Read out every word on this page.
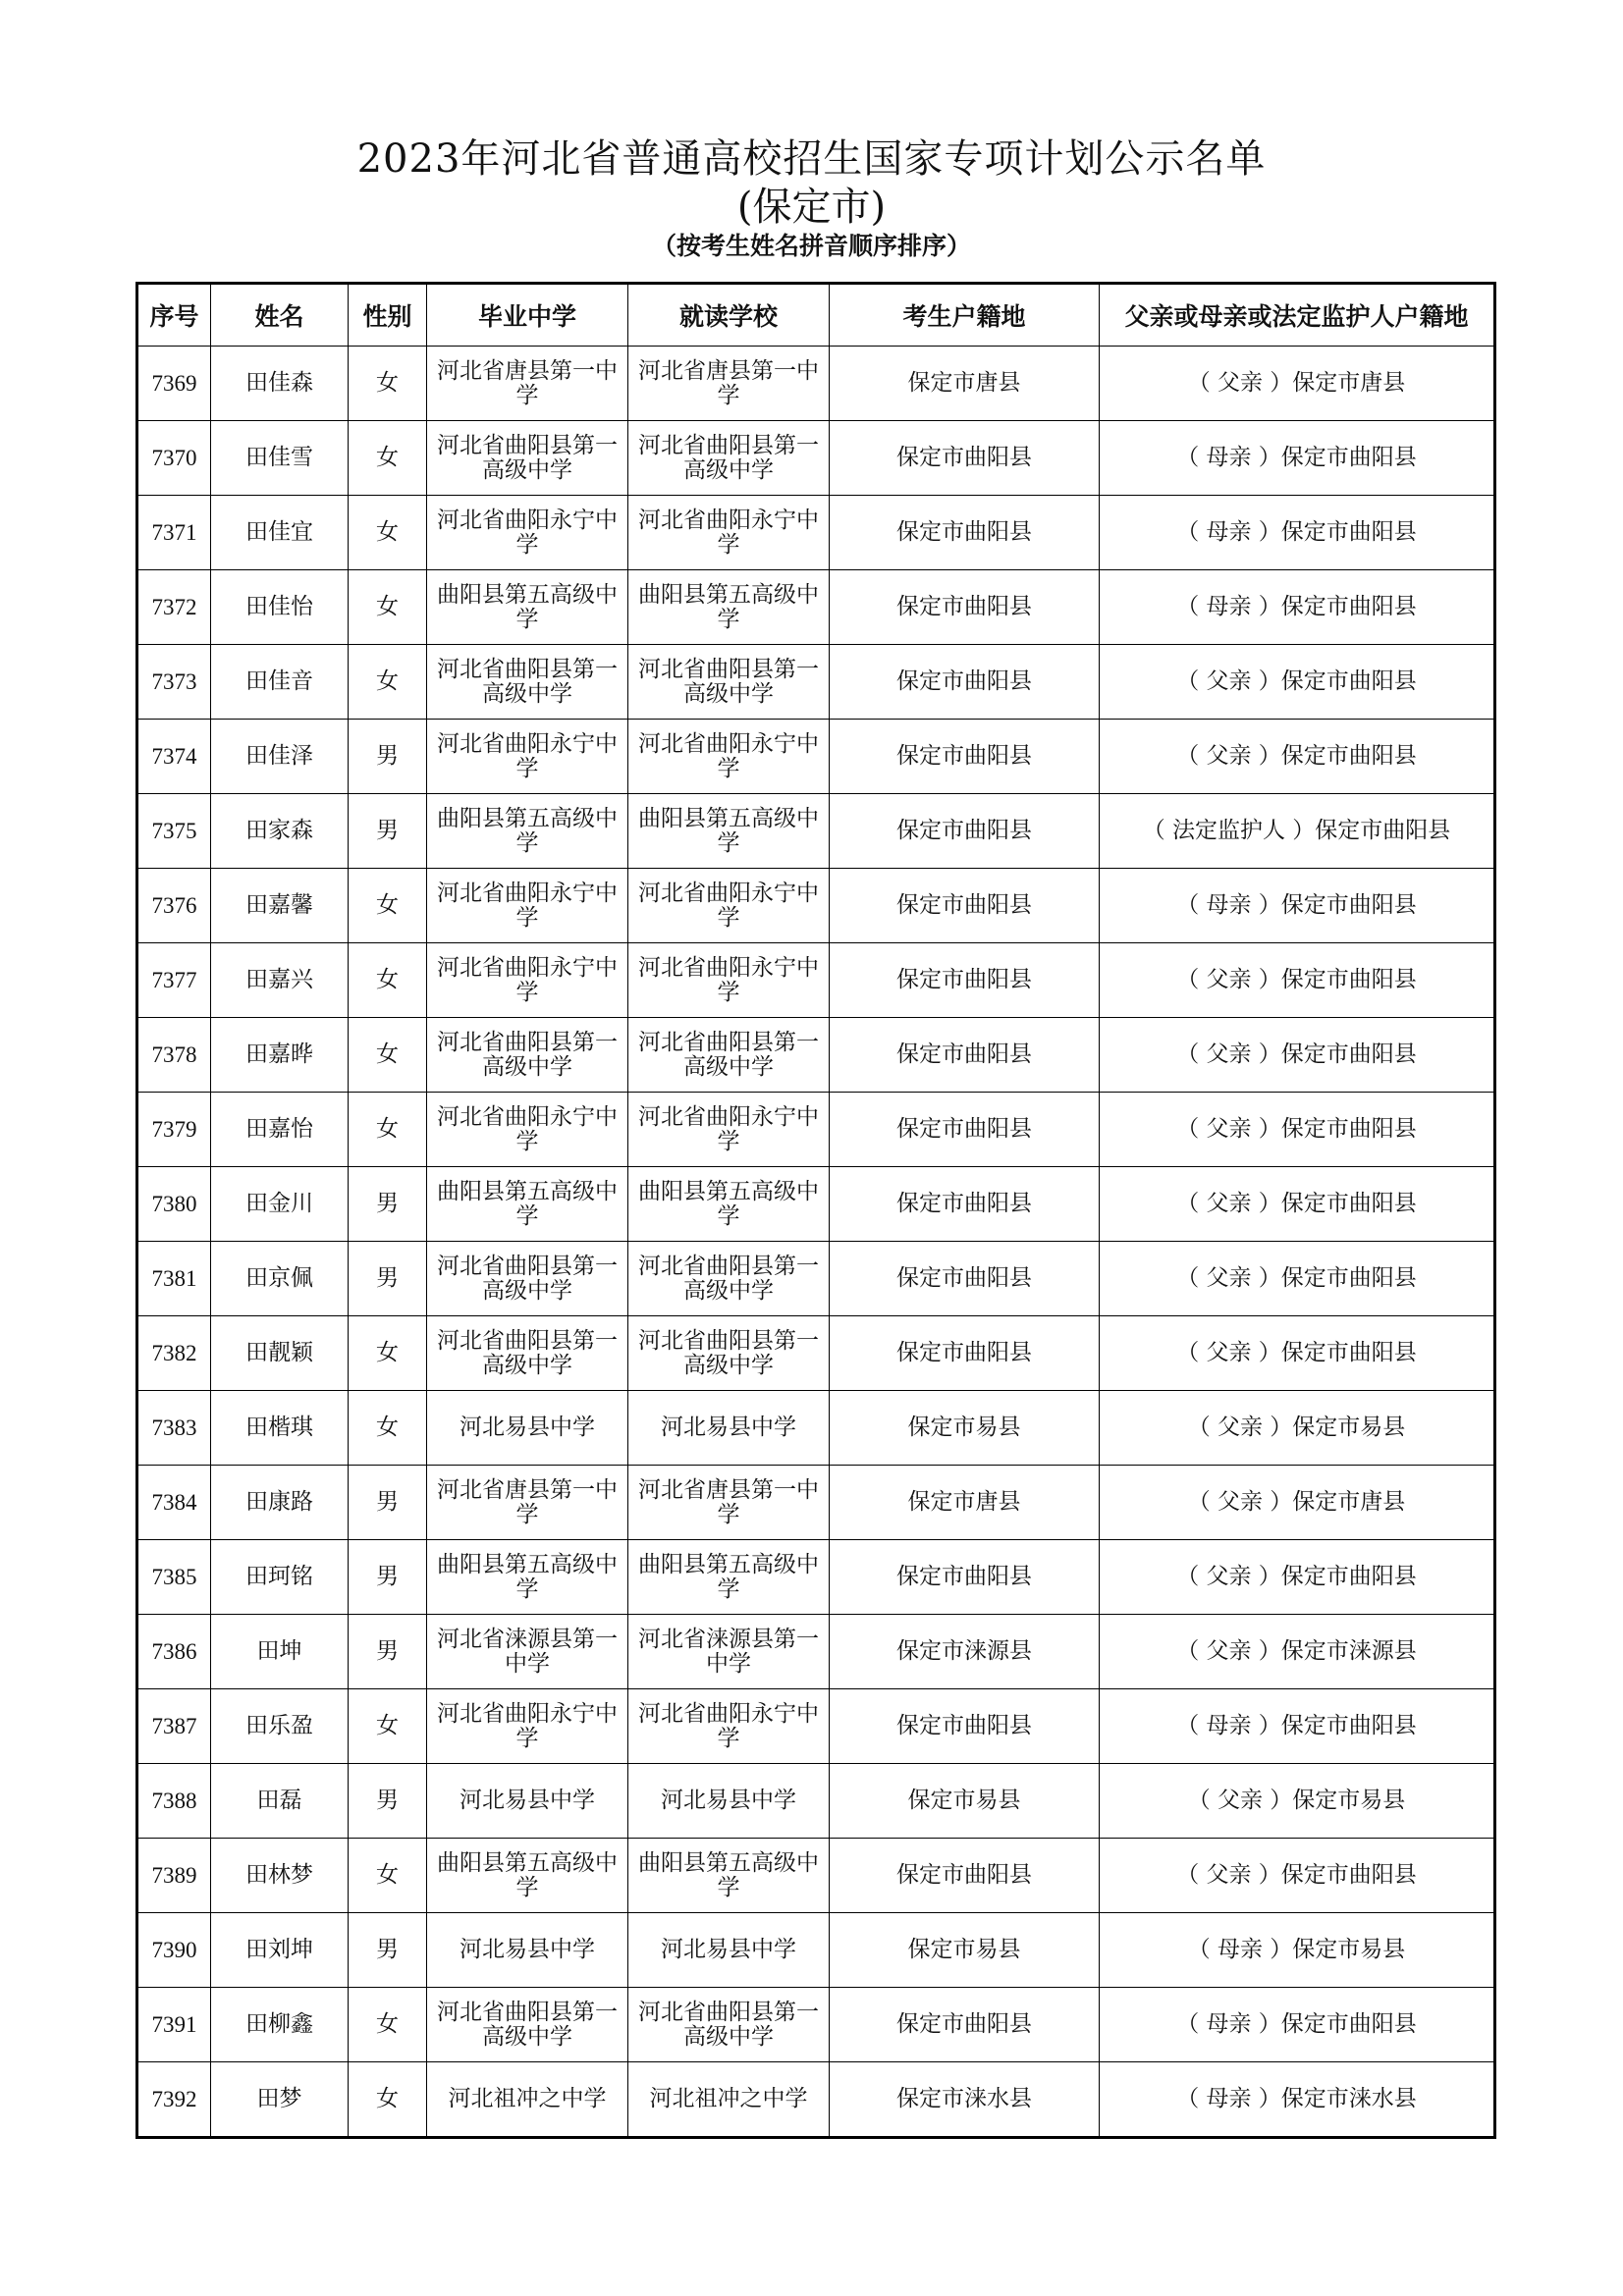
2023年河北省普通高校招生国家专项计划公示名单
(保定市)
（按考生姓名拼音顺序排序）
序号	姓名	性别	毕业中学	就读学校	考生户籍地	父亲或母亲或法定监护人户籍地
7369	田佳森	女	河北省唐县第一中学	河北省唐县第一中学	保定市唐县	（ 父亲 ）保定市唐县
7370	田佳雪	女	河北省曲阳县第一高级中学	河北省曲阳县第一高级中学	保定市曲阳县	（ 母亲 ）保定市曲阳县
7371	田佳宜	女	河北省曲阳永宁中学	河北省曲阳永宁中学	保定市曲阳县	（ 母亲 ）保定市曲阳县
7372	田佳怡	女	曲阳县第五高级中学	曲阳县第五高级中学	保定市曲阳县	（ 母亲 ）保定市曲阳县
7373	田佳音	女	河北省曲阳县第一高级中学	河北省曲阳县第一高级中学	保定市曲阳县	（ 父亲 ）保定市曲阳县
7374	田佳泽	男	河北省曲阳永宁中学	河北省曲阳永宁中学	保定市曲阳县	（ 父亲 ）保定市曲阳县
7375	田家森	男	曲阳县第五高级中学	曲阳县第五高级中学	保定市曲阳县	（ 法定监护人 ）保定市曲阳县
7376	田嘉馨	女	河北省曲阳永宁中学	河北省曲阳永宁中学	保定市曲阳县	（ 母亲 ）保定市曲阳县
7377	田嘉兴	女	河北省曲阳永宁中学	河北省曲阳永宁中学	保定市曲阳县	（ 父亲 ）保定市曲阳县
7378	田嘉晔	女	河北省曲阳县第一高级中学	河北省曲阳县第一高级中学	保定市曲阳县	（ 父亲 ）保定市曲阳县
7379	田嘉怡	女	河北省曲阳永宁中学	河北省曲阳永宁中学	保定市曲阳县	（ 父亲 ）保定市曲阳县
7380	田金川	男	曲阳县第五高级中学	曲阳县第五高级中学	保定市曲阳县	（ 父亲 ）保定市曲阳县
7381	田京佩	男	河北省曲阳县第一高级中学	河北省曲阳县第一高级中学	保定市曲阳县	（ 父亲 ）保定市曲阳县
7382	田靓颖	女	河北省曲阳县第一高级中学	河北省曲阳县第一高级中学	保定市曲阳县	（ 父亲 ）保定市曲阳县
7383	田楷琪	女	河北易县中学	河北易县中学	保定市易县	（ 父亲 ）保定市易县
7384	田康路	男	河北省唐县第一中学	河北省唐县第一中学	保定市唐县	（ 父亲 ）保定市唐县
7385	田珂铭	男	曲阳县第五高级中学	曲阳县第五高级中学	保定市曲阳县	（ 父亲 ）保定市曲阳县
7386	田坤	男	河北省涞源县第一中学	河北省涞源县第一中学	保定市涞源县	（ 父亲 ）保定市涞源县
7387	田乐盈	女	河北省曲阳永宁中学	河北省曲阳永宁中学	保定市曲阳县	（ 母亲 ）保定市曲阳县
7388	田磊	男	河北易县中学	河北易县中学	保定市易县	（ 父亲 ）保定市易县
7389	田林梦	女	曲阳县第五高级中学	曲阳县第五高级中学	保定市曲阳县	（ 父亲 ）保定市曲阳县
7390	田刘坤	男	河北易县中学	河北易县中学	保定市易县	（ 母亲 ）保定市易县
7391	田柳鑫	女	河北省曲阳县第一高级中学	河北省曲阳县第一高级中学	保定市曲阳县	（ 母亲 ）保定市曲阳县
7392	田梦	女	河北祖冲之中学	河北祖冲之中学	保定市涞水县	（ 母亲 ）保定市涞水县
